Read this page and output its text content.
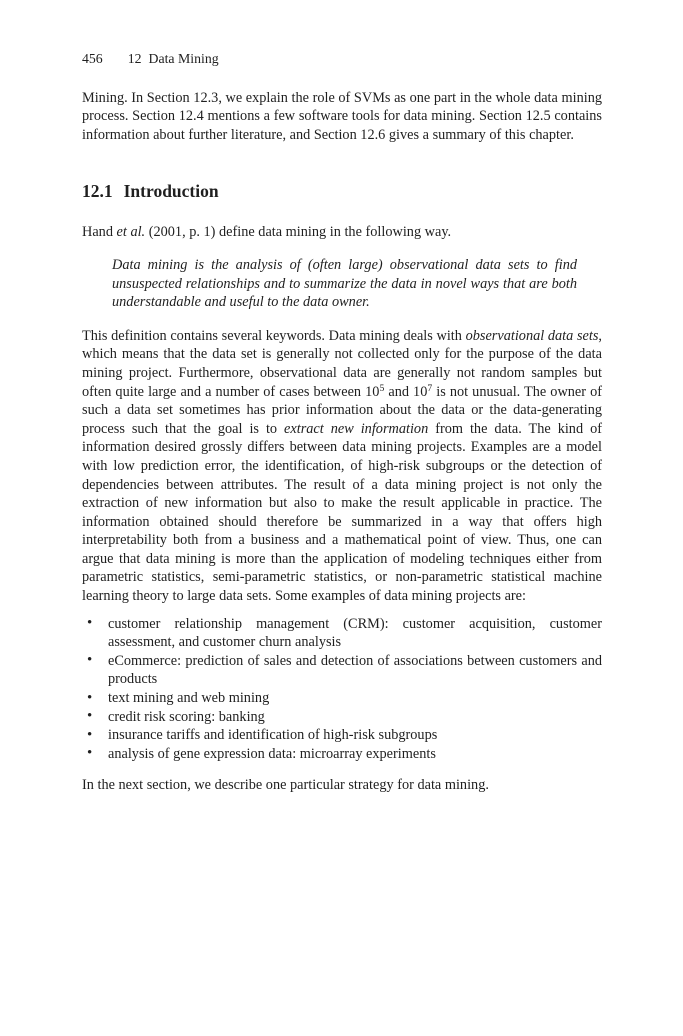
456 12 Data Mining

Mining. In Section 12.3, we explain the role of SVMs as one part in the whole data mining process. Section 12.4 mentions a few software tools for data mining. Section 12.5 contains information about further literature, and Section 12.6 gives a summary of this chapter.

12.1 Introduction

Hand et al. (2001, p. 1) define data mining in the following way.

Data mining is the analysis of (often large) observational data sets to find unsuspected relationships and to summarize the data in novel ways that are both understandable and useful to the data owner.

This definition contains several keywords. Data mining deals with observational data sets, which means that the data set is generally not collected only for the purpose of the data mining project. Furthermore, observational data are generally not random samples but often quite large and a number of cases between $10^5$ and $10^7$ is not unusual. The owner of such a data set sometimes has prior information about the data or the data-generating process such that the goal is to extract new information from the data. The kind of information desired grossly differs between data mining projects. Examples are a model with low prediction error, the identification, of high-risk subgroups or the detection of dependencies between attributes. The result of a data mining project is not only the extraction of new information but also to make the result applicable in practice. The information obtained should therefore be summarized in a way that offers high interpretability both from a business and a mathematical point of view. Thus, one can argue that data mining is more than the application of modeling techniques either from parametric statistics, semi-parametric statistics, or non-parametric statistical machine learning theory to large data sets. Some examples of data mining projects are:

• customer relationship management (CRM): customer acquisition, customer assessment, and customer churn analysis
• eCommerce: prediction of sales and detection of associations between customers and products
• text mining and web mining
• credit risk scoring: banking
• insurance tariffs and identification of high-risk subgroups
• analysis of gene expression data: microarray experiments

In the next section, we describe one particular strategy for data mining.
